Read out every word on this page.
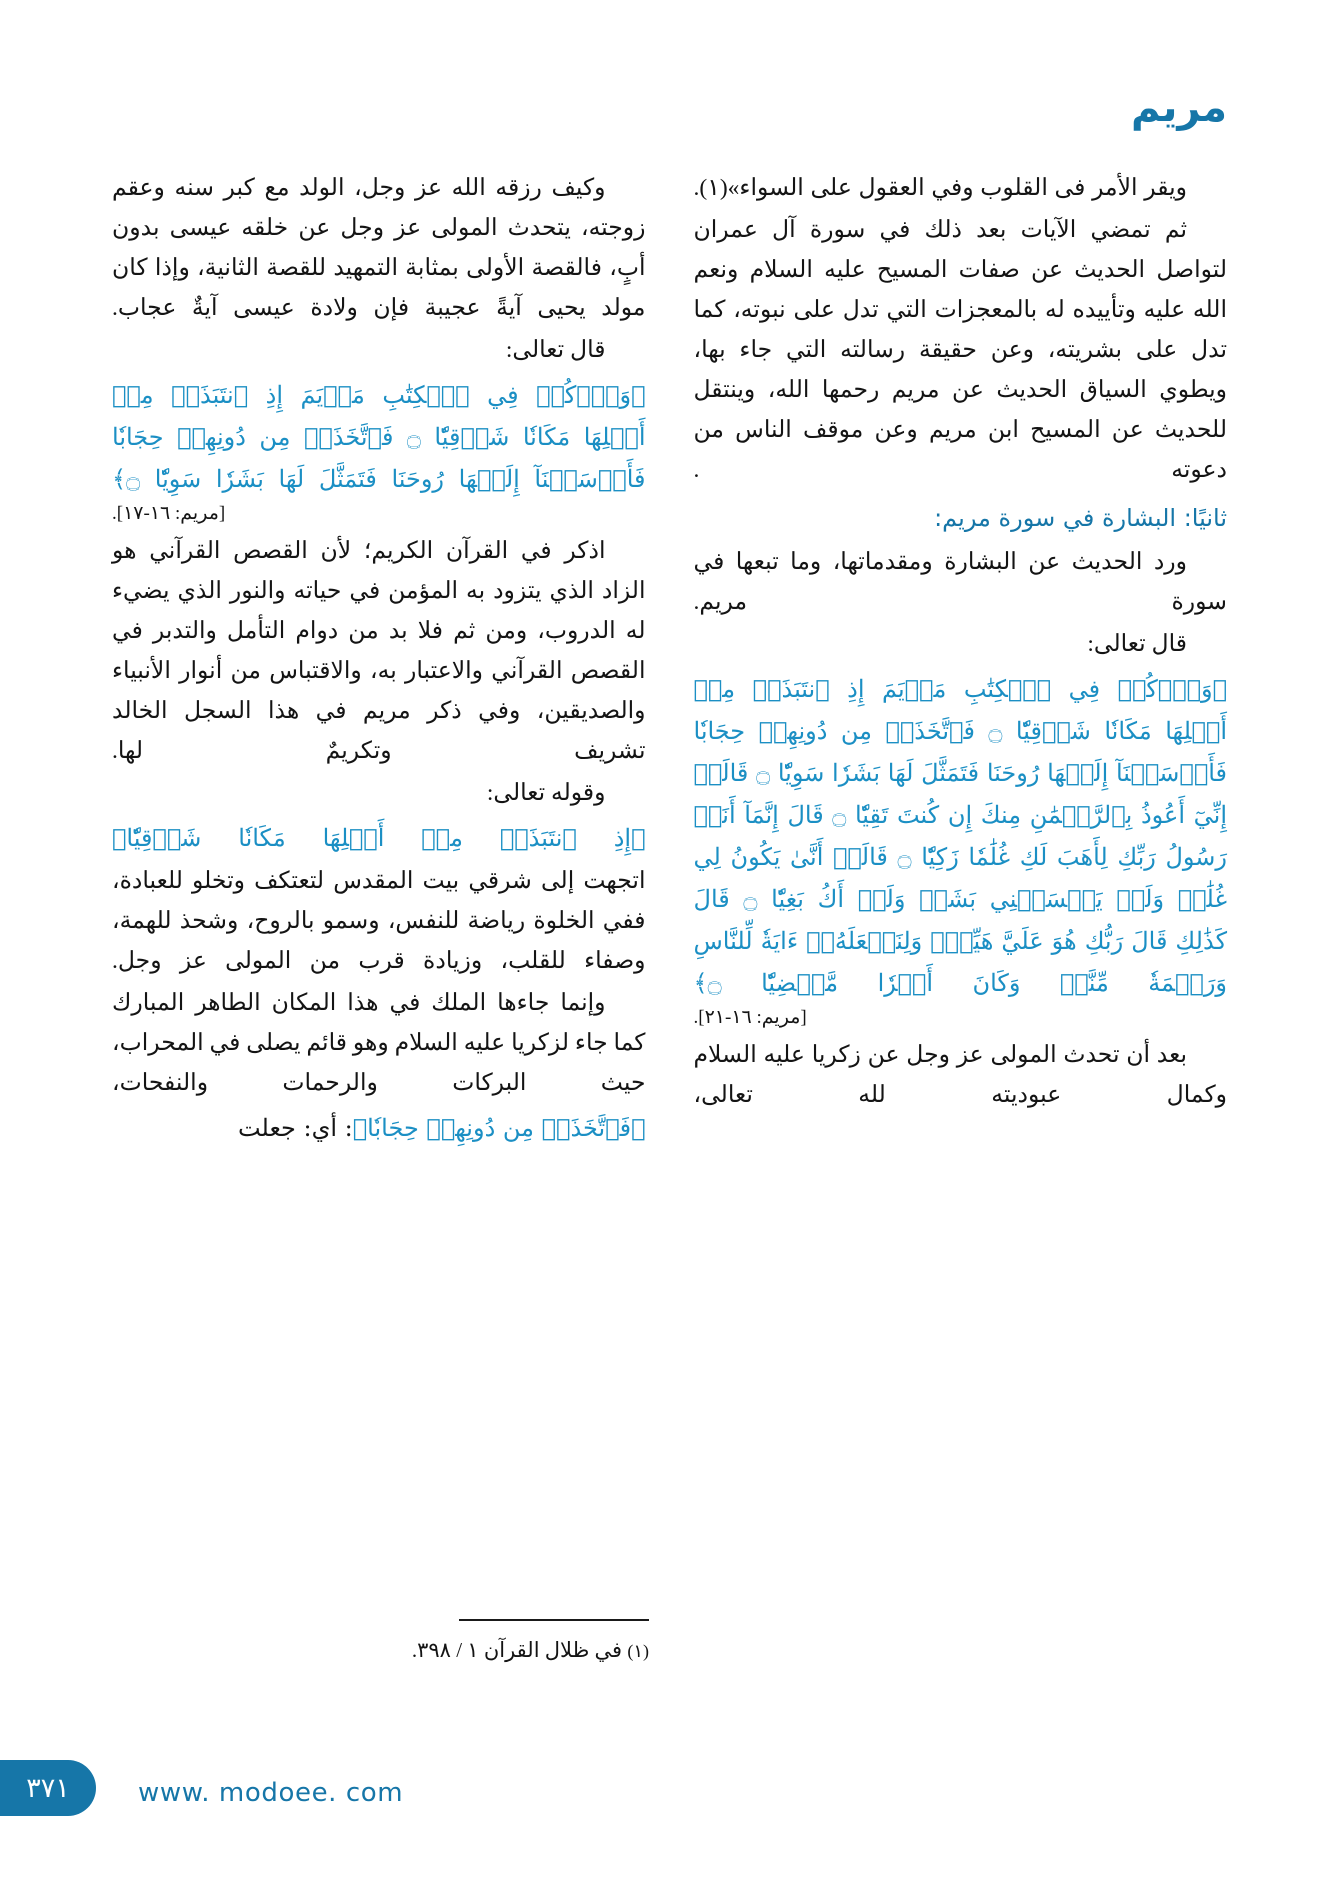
مريم

ويقر الأمر فى القلوب وفي العقول على السواء»(١).

ثم تمضي الآيات بعد ذلك في سورة آل عمران لتواصل الحديث عن صفات المسيح عليه السلام ونعم الله عليه وتأييده له بالمعجزات التي تدل على نبوته، كما تدل على بشريته، وعن حقيقة رسالته التي جاء بها، ويطوي السياق الحديث عن مريم رحمها الله، وينتقل للحديث عن المسيح ابن مريم وعن موقف الناس من دعوته .

ثانيًا: البشارة في سورة مريم:

ورد الحديث عن البشارة ومقدماتها، وما تبعها في سورة مريم.

قال تعالى:

﴿وَٱذۡكُرۡ فِي ٱلۡكِتَٰبِ مَرۡيَمَ إِذِ ٱنتَبَذَتۡ مِنۡ أَهۡلِهَا مَكَانٗا شَرۡقِيّٗا ۝ فَٱتَّخَذَتۡ مِن دُونِهِمۡ حِجَابٗا فَأَرۡسَلۡنَآ إِلَيۡهَا رُوحَنَا فَتَمَثَّلَ لَهَا بَشَرٗا سَوِيّٗا ۝ قَالَتۡ إِنِّيٓ أَعُوذُ بِٱلرَّحۡمَٰنِ مِنكَ إِن كُنتَ تَقِيّٗا ۝ قَالَ إِنَّمَآ أَنَا۠ رَسُولُ رَبِّكِ لِأَهَبَ لَكِ غُلَٰمٗا زَكِيّٗا ۝ قَالَتۡ أَنَّىٰ يَكُونُ لِي غُلَٰمٞ وَلَمۡ يَمۡسَسۡنِي بَشَرٞ وَلَمۡ أَكُ بَغِيّٗا ۝ قَالَ كَذَٰلِكِ قَالَ رَبُّكِ هُوَ عَلَيَّ هَيِّنٞۖ وَلِنَجۡعَلَهُۥٓ ءَايَةٗ لِّلنَّاسِ وَرَحۡمَةٗ مِّنَّاۚ وَكَانَ أَمۡرٗا مَّقۡضِيّٗا ۝﴾
[مريم: ١٦-٢١].

بعد أن تحدث المولى عز وجل عن زكريا عليه السلام وكمال عبوديته لله تعالى،

وكيف رزقه الله عز وجل، الولد مع كبر سنه وعقم زوجته، يتحدث المولى عز وجل عن خلقه عيسى بدون أبٍ، فالقصة الأولى بمثابة التمهيد للقصة الثانية، وإذا كان مولد يحيى آيةً عجيبة فإن ولادة عيسى آيةٌ عجاب.

قال تعالى:

﴿وَٱذۡكُرۡ فِي ٱلۡكِتَٰبِ مَرۡيَمَ إِذِ ٱنتَبَذَتۡ مِنۡ أَهۡلِهَا مَكَانٗا شَرۡقِيّٗا ۝ فَٱتَّخَذَتۡ مِن دُونِهِمۡ حِجَابٗا فَأَرۡسَلۡنَآ إِلَيۡهَا رُوحَنَا فَتَمَثَّلَ لَهَا بَشَرٗا سَوِيّٗا ۝﴾
[مريم: ١٦-١٧].

اذكر في القرآن الكريم؛ لأن القصص القرآني هو الزاد الذي يتزود به المؤمن في حياته والنور الذي يضيء له الدروب، ومن ثم فلا بد من دوام التأمل والتدبر في القصص القرآني والاعتبار به، والاقتباس من أنوار الأنبياء والصديقين، وفي ذكر مريم في هذا السجل الخالد تشريف وتكريمٌ لها.

وقوله تعالى:

﴿إِذِ ٱنتَبَذَتۡ مِنۡ أَهۡلِهَا مَكَانٗا شَرۡقِيّٗا﴾

اتجهت إلى شرقي بيت المقدس لتعتكف وتخلو للعبادة، ففي الخلوة رياضة للنفس، وسمو بالروح، وشحذ للهمة، وصفاء للقلب، وزيادة قرب من المولى عز وجل.

وإنما جاءها الملك في هذا المكان الطاهر المبارك كما جاء لزكريا عليه السلام وهو قائم يصلى في المحراب، حيث البركات والرحمات والنفحات،

﴿فَٱتَّخَذَتۡ مِن دُونِهِمۡ حِجَابٗا﴾: أي: جعلت
(١) في ظلال القرآن ١ / ٣٩٨.
٣٧١	www. modoee. com
